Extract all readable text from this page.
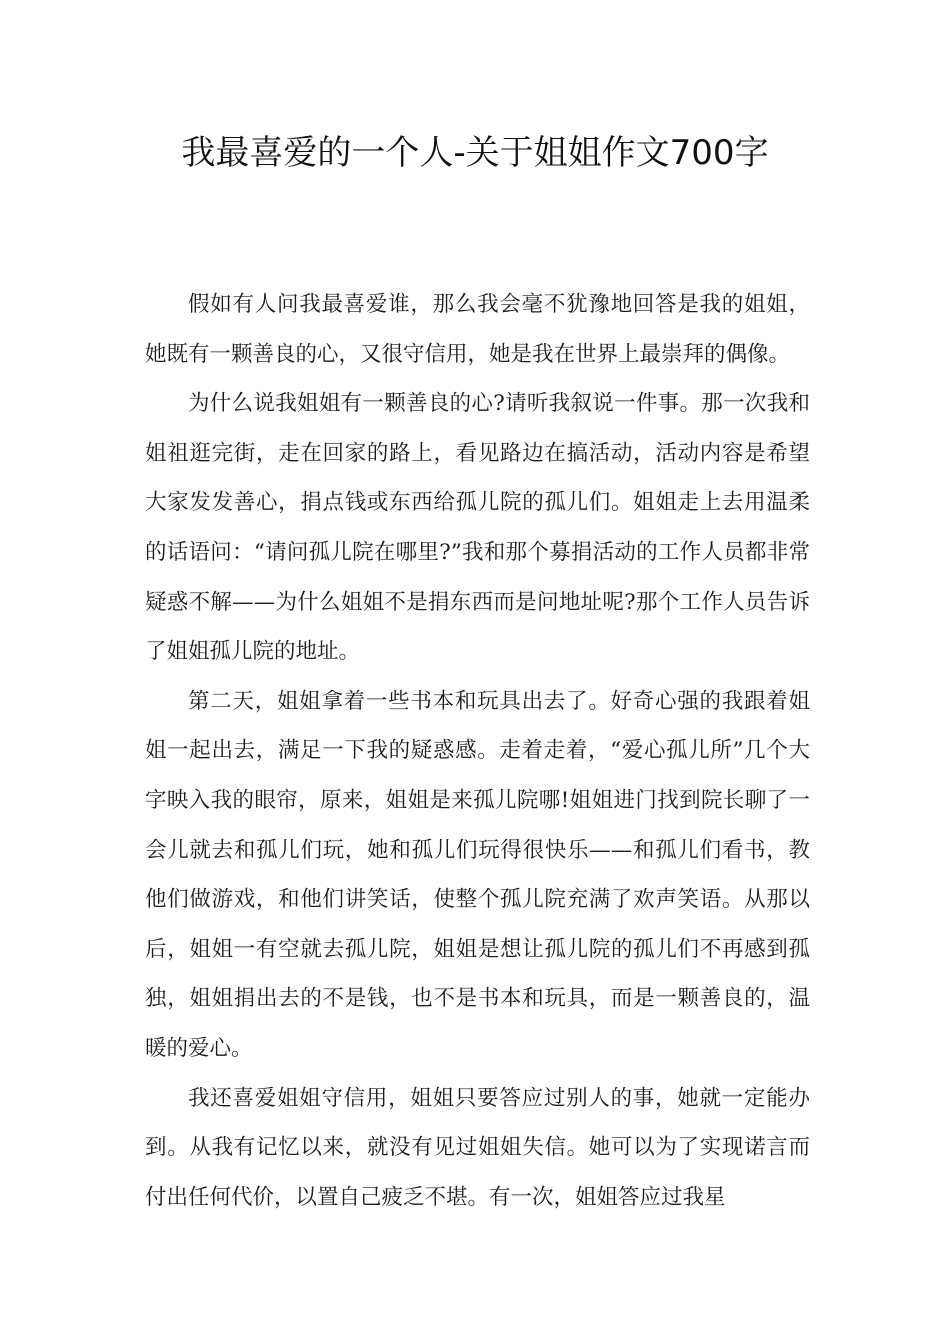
我最喜爱的一个人-关于姐姐作文700字

假如有人问我最喜爱谁，那么我会毫不犹豫地回答是我的姐姐，她既有一颗善良的心，又很守信用，她是我在世界上最崇拜的偶像。

为什么说我姐姐有一颗善良的心?请听我叙说一件事。那一次我和姐祖逛完街，走在回家的路上，看见路边在搞活动，活动内容是希望大家发发善心，捐点钱或东西给孤儿院的孤儿们。姐姐走上去用温柔的话语问：“请问孤儿院在哪里?”我和那个募捐活动的工作人员都非常疑惑不解——为什么姐姐不是捐东西而是问地址呢?那个工作人员告诉了姐姐孤儿院的地址。

第二天，姐姐拿着一些书本和玩具出去了。好奇心强的我跟着姐姐一起出去，满足一下我的疑惑感。走着走着，“爱心孤儿所”几个大字映入我的眼帘，原来，姐姐是来孤儿院哪!姐姐进门找到院长聊了一会儿就去和孤儿们玩，她和孤儿们玩得很快乐——和孤儿们看书，教他们做游戏，和他们讲笑话，使整个孤儿院充满了欢声笑语。从那以后，姐姐一有空就去孤儿院，姐姐是想让孤儿院的孤儿们不再感到孤独，姐姐捐出去的不是钱，也不是书本和玩具，而是一颗善良的，温暖的爱心。

我还喜爱姐姐守信用，姐姐只要答应过别人的事，她就一定能办到。从我有记忆以来，就没有见过姐姐失信。她可以为了实现诺言而付出任何代价，以置自己疲乏不堪。有一次，姐姐答应过我星
